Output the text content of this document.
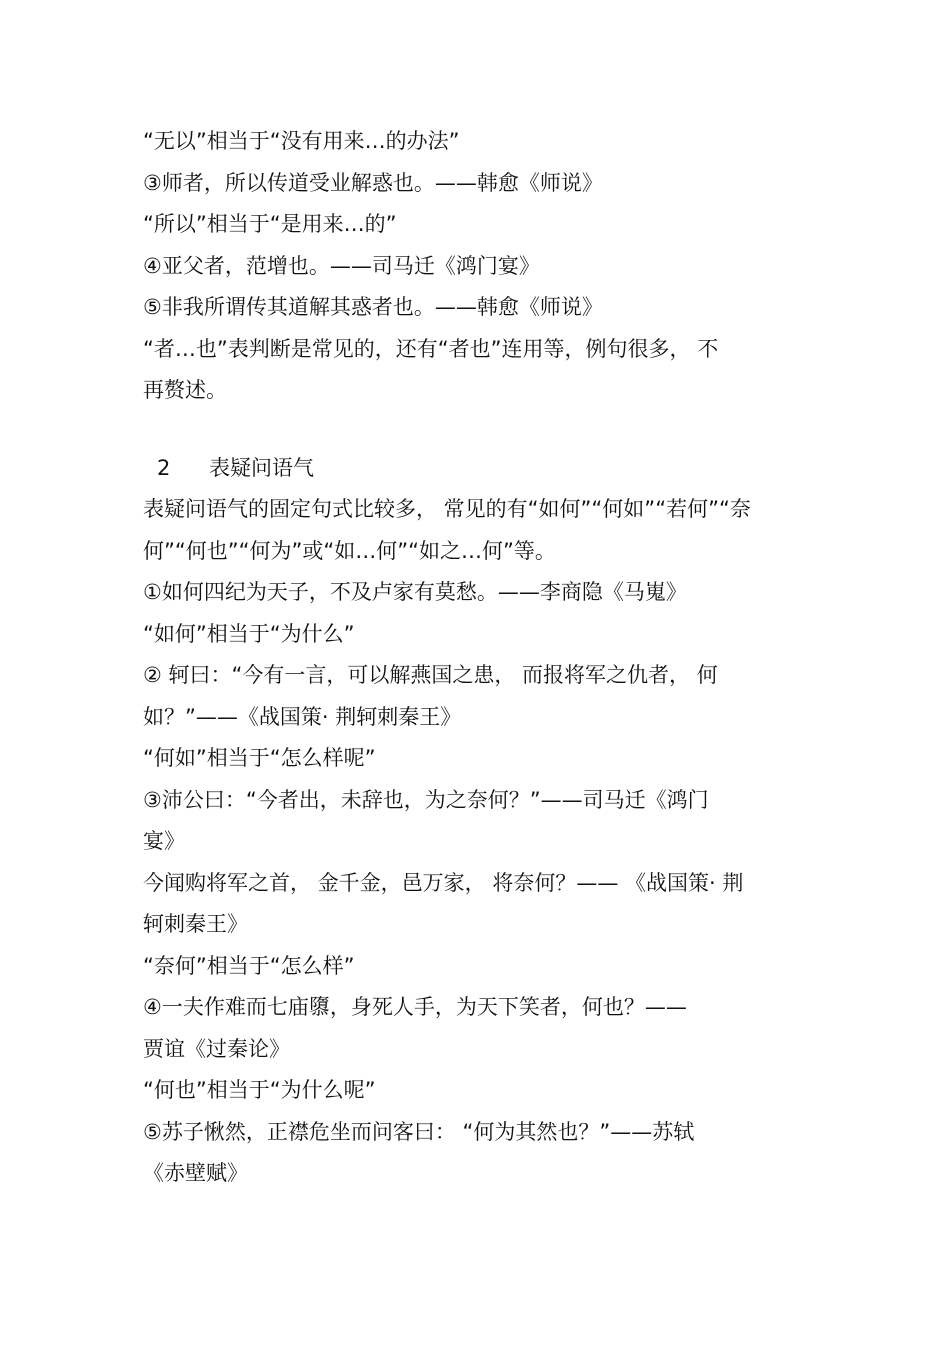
“无以”相当于“没有用来…的办法”
③师者，所以传道受业解惑也。——韩愈《师说》
“所以”相当于“是用来…的”
④亚父者，范增也。——司马迁《鸿门宴》
⑤非我所谓传其道解其惑者也。——韩愈《师说》
“者…也”表判断是常见的，还有“者也”连用等，例句很多， 不
再赘述。
2 表疑问语气
表疑问语气的固定句式比较多， 常见的有“如何”“何如”“若何”“奈
何”“何也”“何为”或“如…何”“如之…何”等。
①如何四纪为天子，不及卢家有莫愁。——李商隐《马嵬》
“如何”相当于“为什么”
② 轲曰：“今有一言，可以解燕国之患， 而报将军之仇者， 何
如？”——《战国策· 荆轲刺秦王》
“何如”相当于“怎么样呢”
③沛公曰：“今者出，未辞也，为之奈何？”——司马迁《鸿门
宴》
今闻购将军之首， 金千金，邑万家， 将奈何？—— 《战国策· 荆
轲刺秦王》
“奈何”相当于“怎么样”
④一夫作难而七庙隳，身死人手，为天下笑者，何也？——
贾谊《过秦论》
“何也”相当于“为什么呢”
⑤苏子愀然，正襟危坐而问客曰： “何为其然也？”——苏轼
《赤壁赋》
